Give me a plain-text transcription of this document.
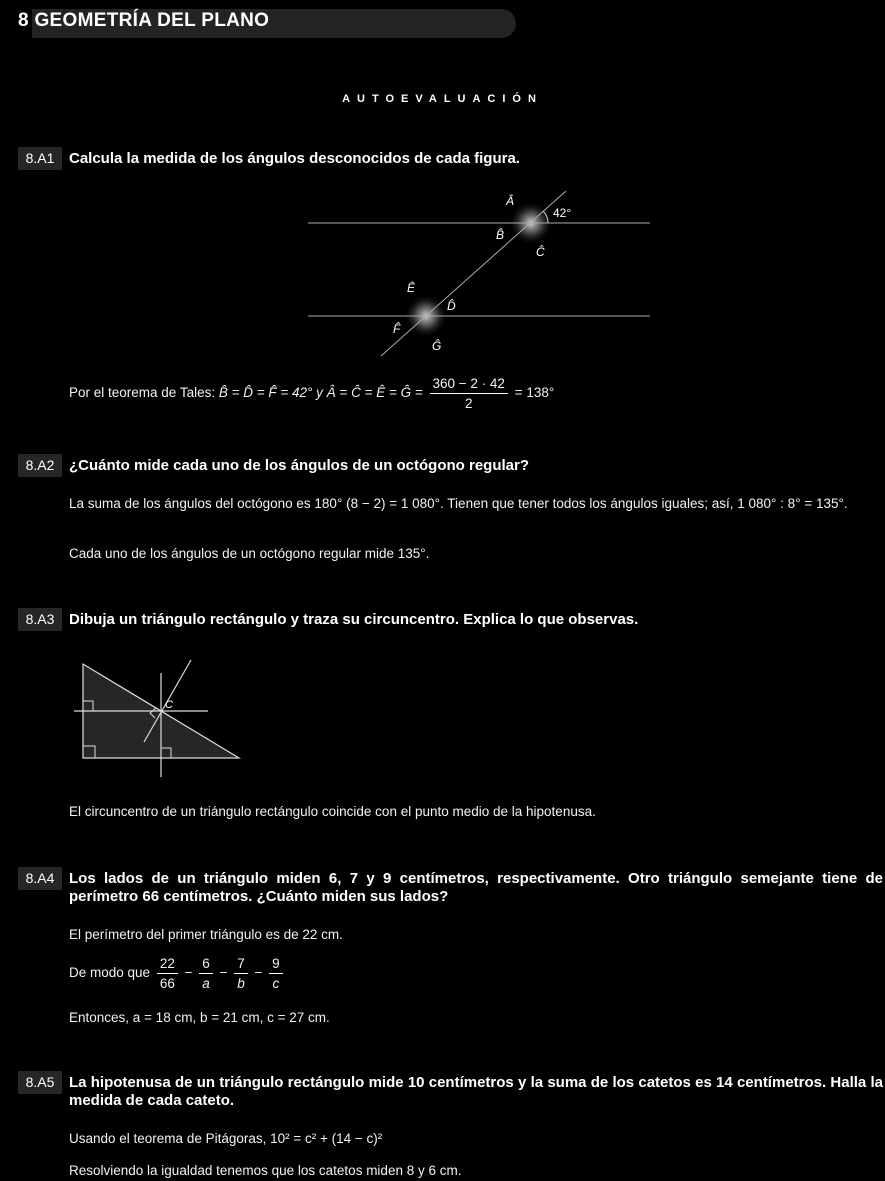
8 GEOMETRÍA DEL PLANO
AUTOEVALUACIÓN
8.A1 Calcula la medida de los ángulos desconocidos de cada figura.
Â
42°
B̂
Ĉ
Ê
D̂
F̂
Ĝ
Por el teorema de Tales: B̂ = D̂ = F̂ = 42° y Â = Ĉ = Ê = Ĝ = $\frac{360 - 2 \cdot 42}{2} = 138^\circ$
8.A2 ¿Cuánto mide cada uno de los ángulos de un octógono regular?
La suma de los ángulos del octógono es 180° (8 − 2) = 1 080°. Tienen que tener todos los ángulos iguales; así, 1 080° : 8° = 135°.
Cada uno de los ángulos de un octógono regular mide 135°.
8.A3 Dibuja un triángulo rectángulo y traza su circuncentro. Explica lo que observas.
C
El circuncentro de un triángulo rectángulo coincide con el punto medio de la hipotenusa.
8.A4 Los lados de un triángulo miden 6, 7 y 9 centímetros, respectivamente. Otro triángulo semejante tiene de perímetro 66 centímetros. ¿Cuánto miden sus lados?
El perímetro del primer triángulo es de 22 cm.
De modo que $\frac{22}{66} - \frac{6}{a} - \frac{7}{b} - \frac{9}{c}$
Entonces, a = 18 cm, b = 21 cm, c = 27 cm.
8.A5 La hipotenusa de un triángulo rectángulo mide 10 centímetros y la suma de los catetos es 14 centímetros. Halla la medida de cada cateto.
Usando el teorema de Pitágoras, 10² = c² + (14 − c)²
Resolviendo la igualdad tenemos que los catetos miden 8 y 6 cm.
